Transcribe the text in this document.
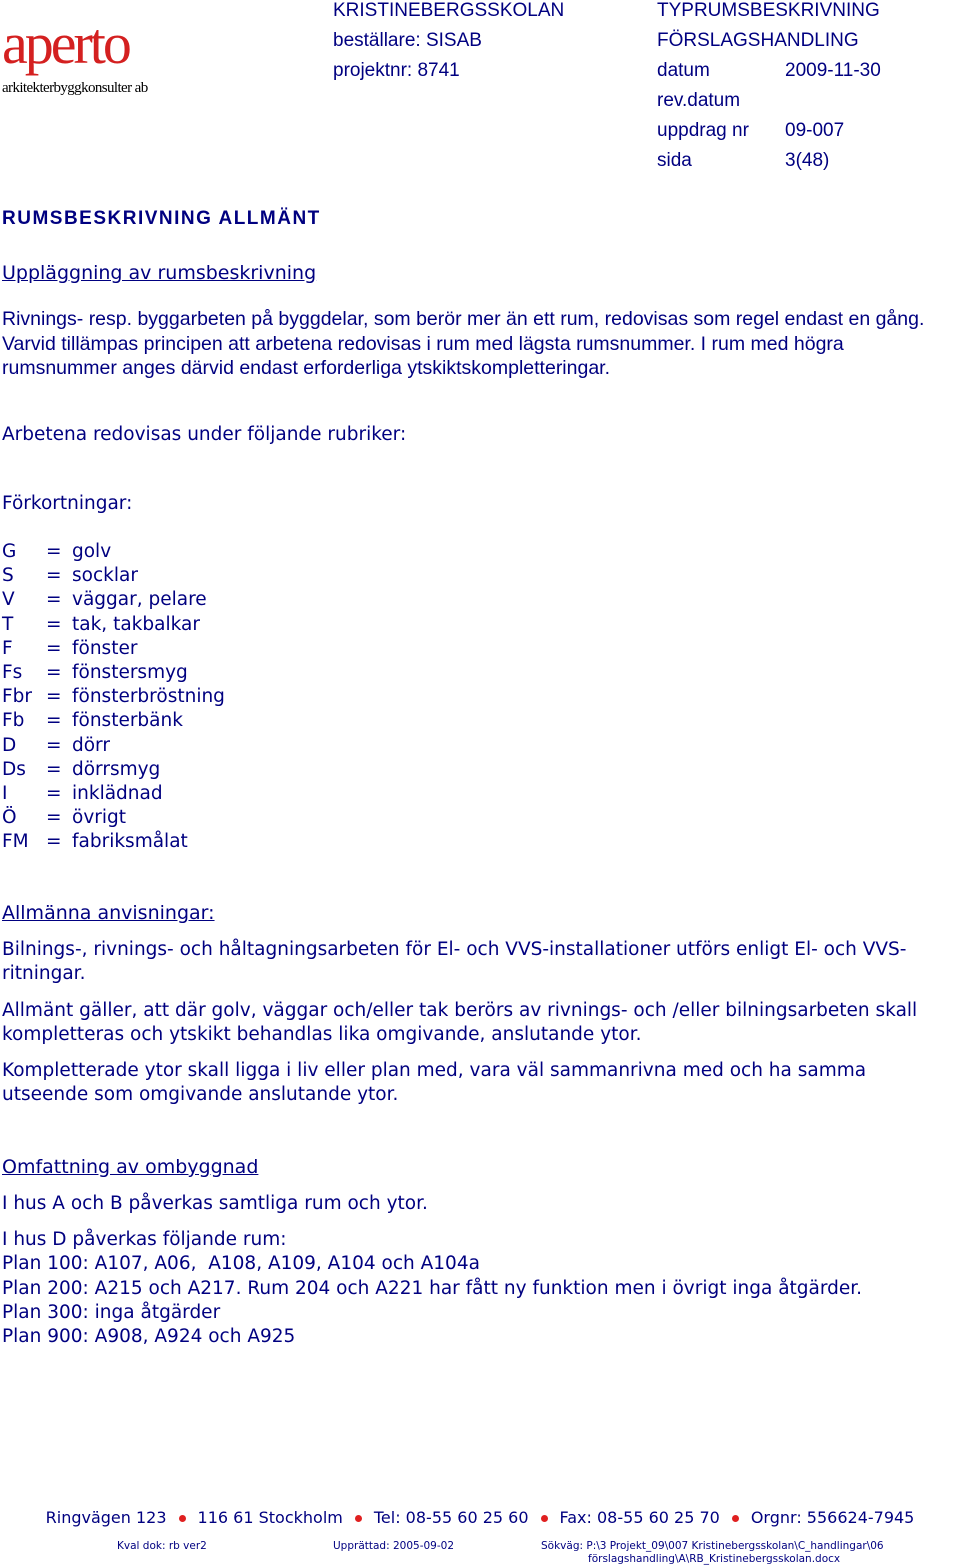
aperto
arkitekterbyggkonsulter ab
KRISTINEBERGSSKOLAN
beställare: SISAB
projektnr: 8741
TYPRUMSBESKRIVNING
FÖRSLAGSHANDLING
datum	2009-11-30
rev.datum
uppdrag nr 09-007
sida	3(48)
RUMSBESKRIVNING ALLMÄNT
Uppläggning av rumsbeskrivning
Rivnings- resp. byggarbeten på byggdelar, som berör mer än ett rum, redovisas som regel endast en gång. Varvid tillämpas principen att arbetena redovisas i rum med lägsta rumsnummer. I rum med högra rumsnummer anges därvid endast erforderliga ytskiktskompletteringar.
Arbetena redovisas under följande rubriker:
Förkortningar:
G	= golv
S	= socklar
V	= väggar, pelare
T	= tak, takbalkar
F	= fönster
Fs	= fönstersmyg
Fbr = fönsterbröstning
Fb	= fönsterbänk
D	= dörr
Ds	= dörrsmyg
I	= inklädnad
Ö	= övrigt
FM = fabriksmålat
Allmänna anvisningar:
Bilnings-, rivnings- och håltagningsarbeten för El- och VVS-installationer utförs enligt El- och VVS-ritningar.
Allmänt gäller, att där golv, väggar och/eller tak berörs av rivnings- och /eller bilningsarbeten skall kompletteras och ytskikt behandlas lika omgivande, anslutande ytor.
Kompletterade ytor skall ligga i liv eller plan med, vara väl sammanrivna med och ha samma utseende som omgivande anslutande ytor.
Omfattning av ombyggnad
I hus A och B påverkas samtliga rum och ytor.
I hus D påverkas följande rum:
Plan 100: A107, A06,  A108, A109, A104 och A104a
Plan 200: A215 och A217. Rum 204 och A221 har fått ny funktion men i övrigt inga åtgärder.
Plan 300: inga åtgärder
Plan 900: A908, A924 och A925
Ringvägen 123 116 61 Stockholm Tel: 08-55 60 25 60 Fax: 08-55 60 25 70 Orgnr: 556624-7945
Kval dok: rb ver2	Upprättad: 2005-09-02	Sökväg: P:\3 Projekt_09\007 Kristinebergsskolan\C_handlingar\06
förslagshandling\A\RB_Kristinebergsskolan.docx
